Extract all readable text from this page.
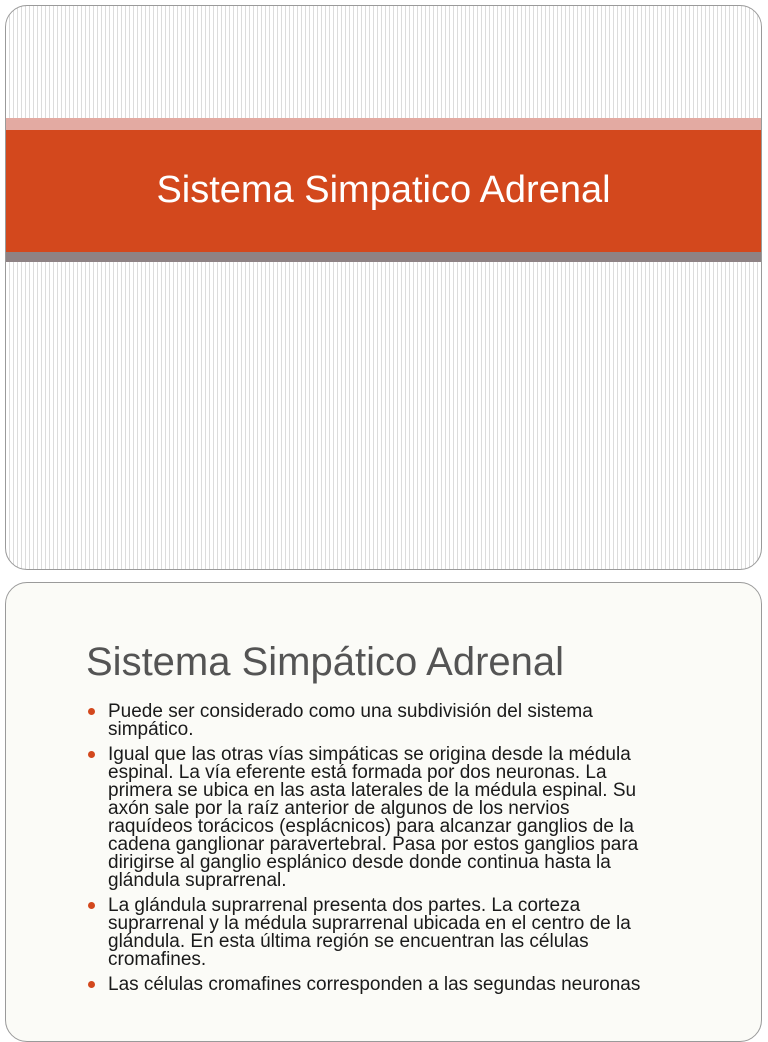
Sistema Simpatico Adrenal
Sistema Simpático Adrenal
Puede ser considerado como una subdivisión del sistema
simpático.
Igual que las otras vías simpáticas se origina desde la médula
espinal. La vía eferente está formada por dos neuronas. La
primera se ubica en las asta laterales de la médula espinal. Su
axón sale por la raíz anterior de algunos de los nervios
raquídeos torácicos (esplácnicos) para alcanzar ganglios de la
cadena ganglionar paravertebral. Pasa por estos ganglios para
dirigirse al ganglio esplánico desde donde continua hasta la
glándula suprarrenal.
La glándula suprarrenal presenta dos partes. La corteza
suprarrenal y la médula suprarrenal ubicada en el centro de la
glándula. En esta última región se encuentran las células
cromafines.
Las células cromafines corresponden a las segundas neuronas
